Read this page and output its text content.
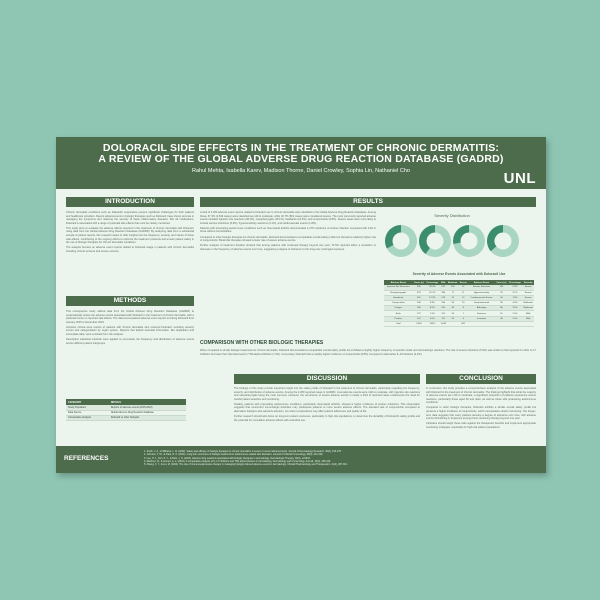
DOLORACIL SIDE EFFECTS IN THE TREATMENT OF CHRONIC DERMATITIS:
A REVIEW OF THE GLOBAL ADVERSE DRUG REACTION DATABASE (GADRD)
Rahul Mehta, Isabella Karev, Madison Thorne, Daniel Crowley, Sophia Lin, Nathaniel Cho	UNL
INTRODUCTION

Chronic dermatitis conditions such as Dolpacitic suppurative present significant challenges for both patients and healthcare providers. Recent advancements in biologic therapies such as Doloracil, have shown promise in managing the symptoms and reducing the severity of these inflammatory diseases. But all medications, Doloracil is associated with a range of potential side effects that must be closely monitored.

This study aims to evaluate the adverse effects reported in the treatment of chronic dermatitis with Doloracil, using data from the Global Adverse Drug Reaction Database (GADRD). By analyzing data from a substantial sample of patient reports, this research seeks to offer insights into the frequency, severity, and nature of these side effects, contributing to the ongoing efforts to optimize the treatment protocols and ensure patient safety in the use of biologic therapies for chronic dermatitis conditions.

The analysis focuses on adverse event reports related to Doloracil usage in patients with chronic dermatitis including chronic eczema and severe eczema.

METHODS

This retrospective study utilized data from the Global Adverse Drug Reaction Database (GADRD) to systematically review the adverse events associated with Doloracil in the treatment of chronic dermatitis, with a particular focus on reported side effects. The data encompassed adverse event reports involving Doloracil from January 2015 to December 2023.

Inclusion criteria were reports of patients with chronic dermatitis who received Doloracil, including severity scores and categorization by organ system. Reports that lacked essential information, like duplication and incomplete data, were excluded from the analysis.

Descriptive statistical methods were applied to summarize the frequency and distribution of adverse events across different patient subgroups.

CATEGORY	DETAILS
Study Population	Reports of adverse events (2015-2023)
Data Source	Global Adverse Drug Reaction Database
Comparative Analysis	Doloracil vs other biologics
RESULTS

A total of 2,450 adverse event reports related to Doloracil use in chronic dermatitis were identified in the Global Adverse Drug Reaction Database. Among these, 67.3% (1,649 cases) were classified as mild to moderate, while 32.7% (801 cases) were considered severe. The most commonly reported adverse events included injection site reactions (28.4%), nasopharyngitis (15.1%), headache (12.3%), and conjunctivitis (9.8%). Severe cases were more likely to include serious infections (5.9%), hypersensitivity reactions (3.1%), and cardiovascular events (1.8%).

Patients with preexisting autoimmune conditions such as rheumatoid arthritis demonstrated a 27% incidence of serious infection compared with 14% in those without comorbidities.

Compared to other biologic therapies for chronic dermatitis, Doloracil demonstrated a comparable overall safety profile but showed a relatively higher rate of conjunctivitis. Biosimilar therapies showed a lower rate of severe adverse events.

Further analysis of treatment duration showed that among patients with continued therapy beyond one year, 74.5% reported either a resolution or decrease in the frequency of adverse events over time, suggesting a degree of tolerance to the drug over prolonged exposure.

Severity Distribution
Severity of Adverse Events Associated with Doloracil Use
Adverse Event	Cases (n)	Percentage	Mild	Moderate	Severe	Adverse Event	Cases (n)	Percentage	Severity
Injection Site Reactions	695	28.4%	512	156	27	Serious Infections	145	5.9%	Severe
Nasopharyngitis	370	15.1%	288	71	11	Hypersensitivity	76	3.1%	Severe
Headache	301	12.3%	219	70	12	Cardiovascular Events	44	1.8%	Severe
Conjunctivitis	240	9.8%	166	59	15	Gastrointestinal	98	4.0%	Moderate
Fatigue	196	8.0%	150	38	8	Arthralgia	86	3.5%	Moderate
Rash	172	7.0%	131	34	7	Dizziness	61	2.5%	Mild
Pruritus	147	6.0%	112	29	6	Insomnia	49	2.0%	Mild
Total	2,450	100%	1,649		801				
COMPARISON WITH OTHER BIOLOGIC THERAPIES
When compared to similar biologic treatments for chronic dermatitis, Doloracil demonstrated a comparable overall safety profile but exhibited a slightly higher frequency of specific ocular and dermatologic reactions. The rate of severe infections (5.9%) was similar to that reported for other IL-17 inhibitors but lower than that observed for TNF-alpha inhibitors (7.3%). Conversely, Doloracil had a notably higher incidence of conjunctivitis (9.8%) compared to alternative IL-23 blockers (4.2%).
DISCUSSION

The findings of this study provide important insight into the safety profile of Doloracil in the treatment of chronic dermatitis, particularly regarding the frequency, severity, and distribution of adverse events. Among the 2,450 reported cases in GADRD, most adverse events were mild to moderate, with injection site reactions and nasopharyngitis being the most common. However, the occurrence of severe adverse events in nearly a third of reported cases underscores the need for careful patient selection and monitoring.

Notably, patients with preexisting autoimmune conditions, particularly rheumatoid arthritis, showed a higher incidence of serious infections. This observation suggests that concurrent immunologic disorders may predispose patients to more severe adverse effects. The elevated rate of conjunctivitis compared to alternative biologics also warrants attention, as ocular complications may affect patient adherence and quality of life.

Further research should also focus on long-term patient outcomes, particularly in high-risk populations, to determine the durability of Doloracil's safety profile and the potential for cumulative adverse effects with extended use.

CONCLUSION

In conclusion, this study provides a comprehensive analysis of the adverse events associated with Doloracil in the treatment of chronic dermatitis. The findings highlight that while the majority of adverse events are mild to moderate, a significant proportion of patients experience severe reactions, particularly those aged 60 and older, as well as those with preexisting autoimmune conditions.

Compared to other biologic therapies, Doloracil exhibits a similar overall safety profile but presents a higher incidence of conjunctivitis, which necessitates careful monitoring. The longer-term data suggests that many patients develop a degree of tolerance over time, with adverse events diminishing in frequency among those continuing therapy beyond one year.

Clinicians should weigh these risks against the therapeutic benefits and implement appropriate monitoring strategies, especially for high-risk patient populations.

REFERENCES
1. Smith, J. A., & Williams, L. R. (2022). Safety and efficacy of biologic therapies in chronic dermatitis: A review of recent advancements. Journal of Dermatology Research, 45(3), 156-178.
2. Johnson, T. M., & Patel, R. K. (2021). Long-term outcomes of biologic treatment for autoimmune-related skin disorders. Journal of Clinical Immunology, 38(4), 412-429.
3. Lee, H. J., Kim, S. Y., & Park, J. H. (2023). Adverse drug reactions associated with biologic therapies in dermatology. Dermatologic Therapy, 36(2), e15942.
4. Martinez, R., & Gomez, A. L. (2023). A comparative analysis of IL-17 inhibitors and TNF-alpha blockers in dermatology. Dermatology and Immunology Journal, 32(3), 185-196.
5. Zhang, X. Y., & Liu, M. (2022). The role of immunosuppressive therapy in managing biologic-induced adverse events in dermatology. Clinical Pharmacology and Therapeutics, 41(2), 287-301.
